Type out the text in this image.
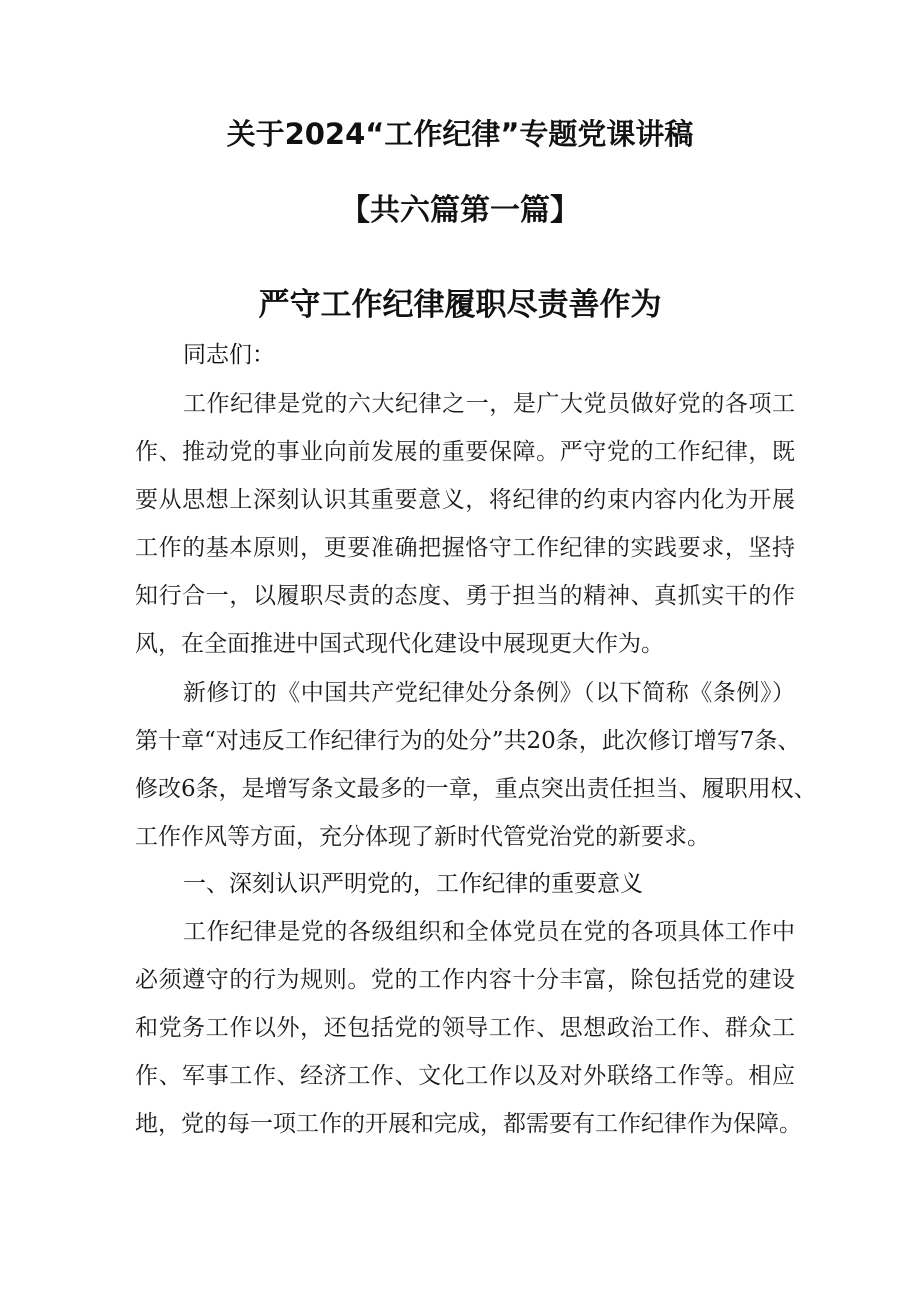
关于2024“工作纪律”专题党课讲稿
【共六篇第一篇】
严守工作纪律履职尽责善作为

同志们：

工作纪律是党的六大纪律之一，是广大党员做好党的各项工
作、推动党的事业向前发展的重要保障。严守党的工作纪律，既
要从思想上深刻认识其重要意义，将纪律的约束内容内化为开展
工作的基本原则，更要准确把握恪守工作纪律的实践要求，坚持
知行合一，以履职尽责的态度、勇于担当的精神、真抓实干的作
风，在全面推进中国式现代化建设中展现更大作为。
新修订的《中国共产党纪律处分条例》（以下简称《条例》）
第十章“对违反工作纪律行为的处分”共20条，此次修订增写7条、
修改6条，是增写条文最多的一章，重点突出责任担当、履职用权、
工作作风等方面，充分体现了新时代管党治党的新要求。

一、深刻认识严明党的，工作纪律的重要意义

工作纪律是党的各级组织和全体党员在党的各项具体工作中
必须遵守的行为规则。党的工作内容十分丰富，除包括党的建设
和党务工作以外，还包括党的领导工作、思想政治工作、群众工
作、军事工作、经济工作、文化工作以及对外联络工作等。相应
地，党的每一项工作的开展和完成，都需要有工作纪律作为保障。
